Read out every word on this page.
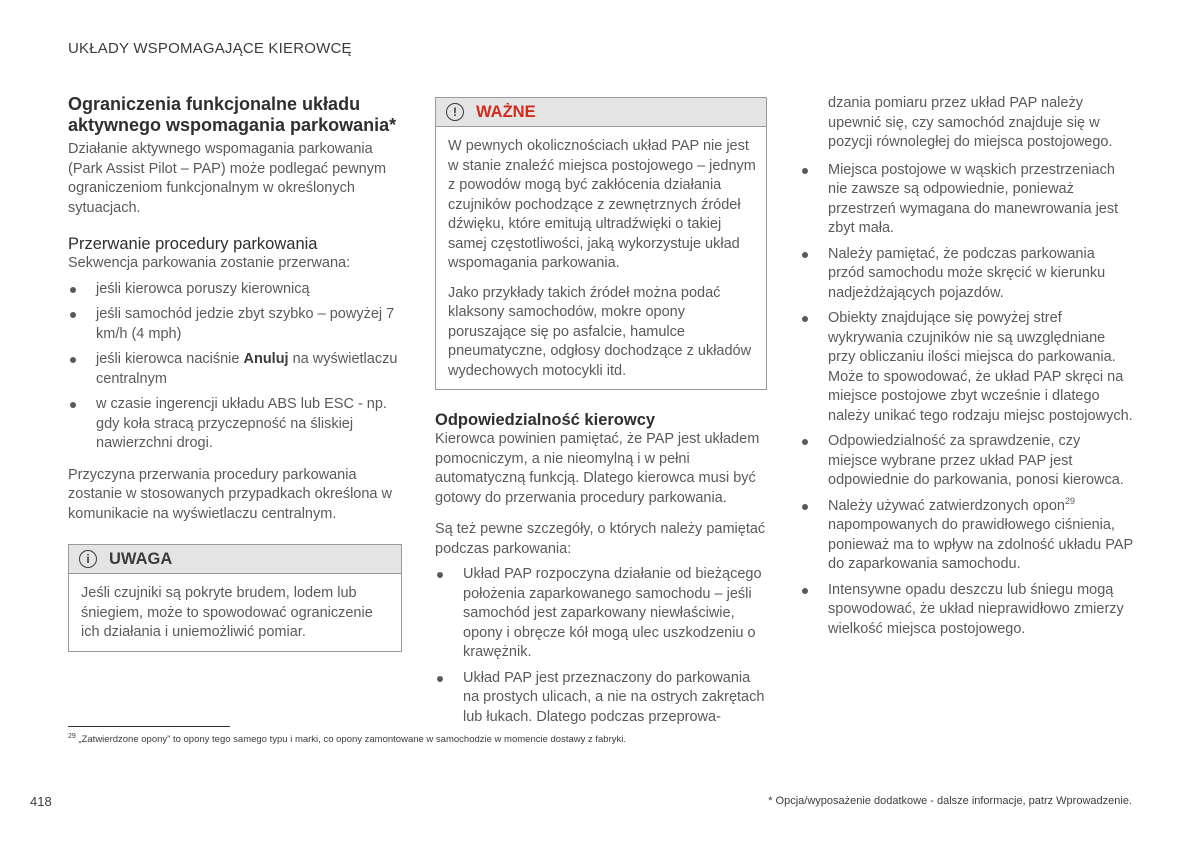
UKŁADY WSPOMAGAJĄCE KIEROWCĘ
Ograniczenia funkcjonalne układu aktywnego wspomagania parkowania*

Działanie aktywnego wspomagania parkowania (Park Assist Pilot – PAP) może podlegać pewnym ograniczeniom funkcjonalnym w określonych sytuacjach.

Przerwanie procedury parkowania

Sekwencja parkowania zostanie przerwana:

jeśli kierowca poruszy kierownicą
jeśli samochód jedzie zbyt szybko – powyżej 7 km/h (4 mph)
jeśli kierowca naciśnie Anuluj na wyświetlaczu centralnym
w czasie ingerencji układu ABS lub ESC - np. gdy koła stracą przyczepność na śliskiej nawierzchni drogi.

Przyczyna przerwania procedury parkowania zostanie w stosowanych przypadkach określona w komunikacie na wyświetlaczu centralnym.

i	UWAGA

Jeśli czujniki są pokryte brudem, lodem lub śniegiem, może to spowodować ograniczenie ich działania i uniemożliwić pomiar.

!	WAŻNE

W pewnych okolicznościach układ PAP nie jest w stanie znaleźć miejsca postojowego – jednym z powodów mogą być zakłócenia działania czujników pochodzące z zewnętrznych źródeł dźwięku, które emitują ultradźwięki o takiej samej częstotliwości, jaką wykorzystuje układ wspomagania parkowania.

Jako przykłady takich źródeł można podać klaksony samochodów, mokre opony poruszające się po asfalcie, hamulce pneumatyczne, odgłosy dochodzące z układów wydechowych motocykli itd.

Odpowiedzialność kierowcy

Kierowca powinien pamiętać, że PAP jest układem pomocniczym, a nie nieomylną i w pełni automatyczną funkcją. Dlatego kierowca musi być gotowy do przerwania procedury parkowania.

Są też pewne szczegóły, o których należy pamiętać podczas parkowania:

Układ PAP rozpoczyna działanie od bieżącego położenia zaparkowanego samochodu – jeśli samochód jest zaparkowany niewłaściwie, opony i obręcze kół mogą ulec uszkodzeniu o krawężnik.
Układ PAP jest przeznaczony do parkowania na prostych ulicach, a nie na ostrych zakrętach lub łukach. Dlatego podczas przeprowa-
dzania pomiaru przez układ PAP należy upewnić się, czy samochód znajduje się w pozycji równoległej do miejsca postojowego.
Miejsca postojowe w wąskich przestrzeniach nie zawsze są odpowiednie, ponieważ przestrzeń wymagana do manewrowania jest zbyt mała.
Należy pamiętać, że podczas parkowania przód samochodu może skręcić w kierunku nadjeżdżających pojazdów.
Obiekty znajdujące się powyżej stref wykrywania czujników nie są uwzględniane przy obliczaniu ilości miejsca do parkowania. Może to spowodować, że układ PAP skręci na miejsce postojowe zbyt wcześnie i dlatego należy unikać tego rodzaju miejsc postojowych.
Odpowiedzialność za sprawdzenie, czy miejsce wybrane przez układ PAP jest odpowiednie do parkowania, ponosi kierowca.
Należy używać zatwierdzonych opon$^{29}$ napompowanych do prawidłowego ciśnienia, ponieważ ma to wpływ na zdolność układu PAP do zaparkowania samochodu.
Intensywne opadu deszczu lub śniegu mogą spowodować, że układ nieprawidłowo zmierzy wielkość miejsca postojowego.
$^{29}$ „Zatwierdzone opony” to opony tego samego typu i marki, co opony zamontowane w samochodzie w momencie dostawy z fabryki.
418	* Opcja/wyposażenie dodatkowe - dalsze informacje, patrz Wprowadzenie.
